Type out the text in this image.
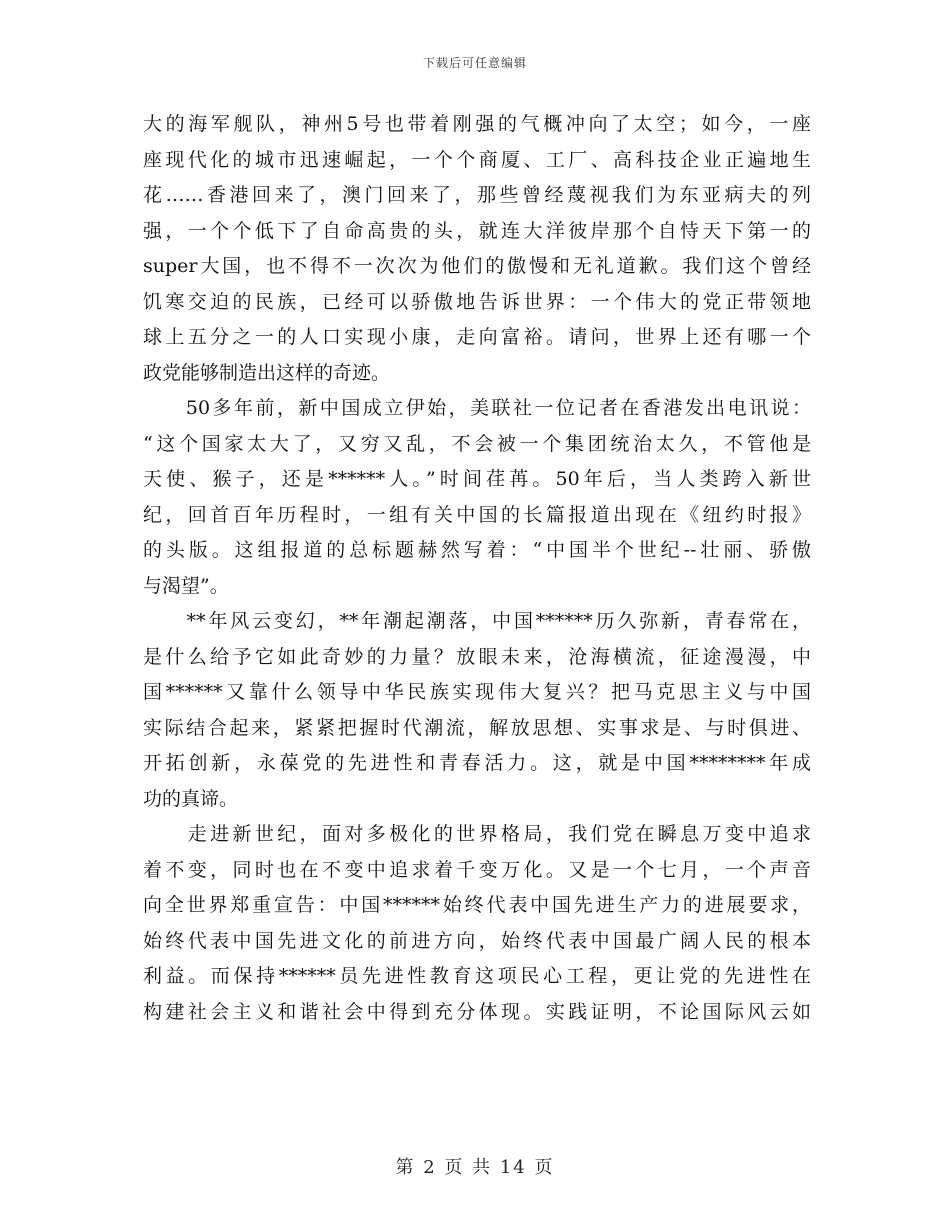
下载后可任意编辑
大的海军舰队，神州5号也带着刚强的气概冲向了太空；如今，一座
座现代化的城市迅速崛起，一个个商厦、工厂、高科技企业正遍地生
花……香港回来了，澳门回来了，那些曾经蔑视我们为东亚病夫的列
强，一个个低下了自命高贵的头，就连大洋彼岸那个自恃天下第一的
super大国，也不得不一次次为他们的傲慢和无礼道歉。我们这个曾经
饥寒交迫的民族，已经可以骄傲地告诉世界：一个伟大的党正带领地
球上五分之一的人口实现小康，走向富裕。请问，世界上还有哪一个
政党能够制造出这样的奇迹。
　　50多年前，新中国成立伊始，美联社一位记者在香港发出电讯说：
“这个国家太大了，又穷又乱，不会被一个集团统治太久，不管他是
天使、猴子，还是******人。”时间荏苒。50年后，当人类跨入新世
纪，回首百年历程时，一组有关中国的长篇报道出现在《纽约时报》
的头版。这组报道的总标题赫然写着：“中国半个世纪--壮丽、骄傲
与渴望”。
　　**年风云变幻，**年潮起潮落，中国******历久弥新，青春常在，
是什么给予它如此奇妙的力量？放眼未来，沧海横流，征途漫漫，中
国******又靠什么领导中华民族实现伟大复兴？把马克思主义与中国
实际结合起来，紧紧把握时代潮流，解放思想、实事求是、与时俱进、
开拓创新，永葆党的先进性和青春活力。这，就是中国********年成
功的真谛。
　　走进新世纪，面对多极化的世界格局，我们党在瞬息万变中追求
着不变，同时也在不变中追求着千变万化。又是一个七月，一个声音
向全世界郑重宣告：中国******始终代表中国先进生产力的进展要求，
始终代表中国先进文化的前进方向，始终代表中国最广阔人民的根本
利益。而保持******员先进性教育这项民心工程，更让党的先进性在
构建社会主义和谐社会中得到充分体现。实践证明，不论国际风云如
第 2 页 共 14 页
